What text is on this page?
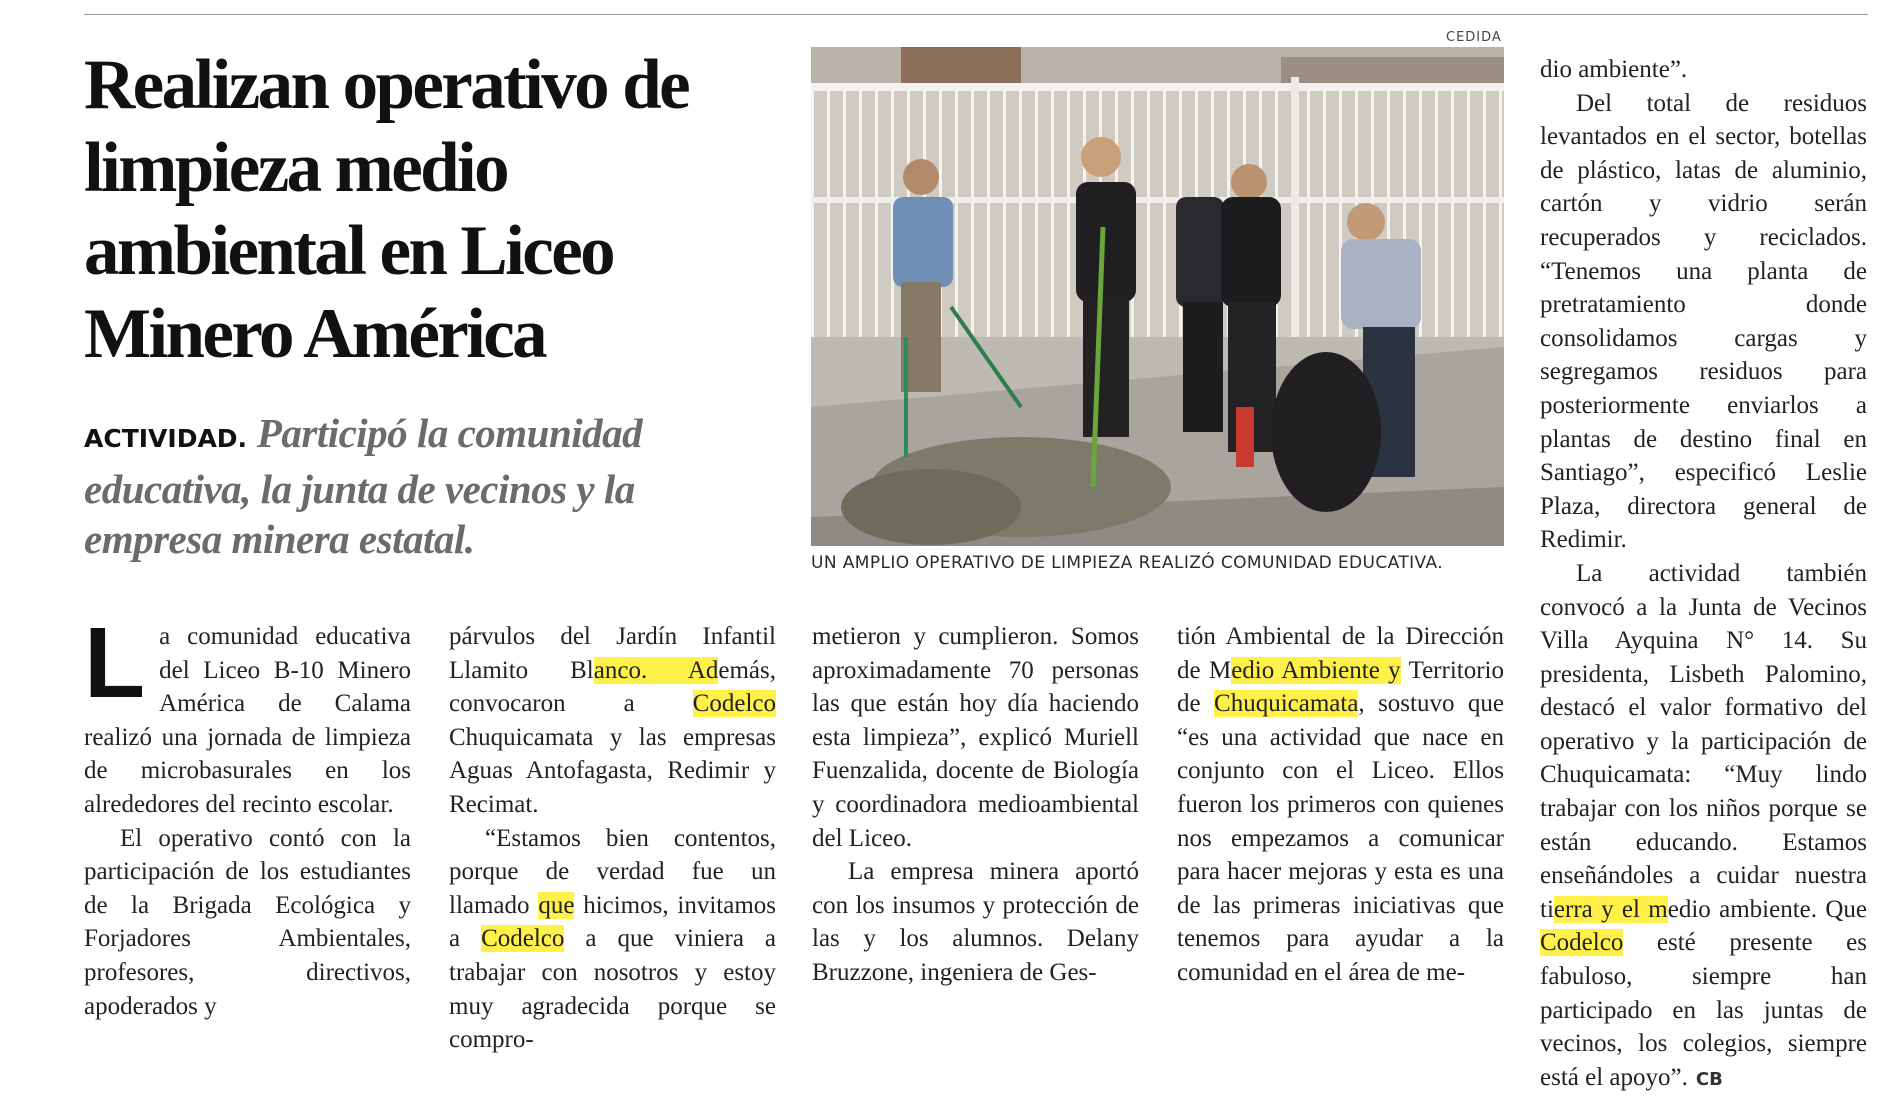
Realizan operativo de limpieza medio ambiental en Liceo Minero América

ACTIVIDAD. Participó la comunidad educativa, la junta de vecinos y la empresa minera estatal.

CEDIDA
UN AMPLIO OPERATIVO DE LIMPIEZA REALIZÓ COMUNIDAD EDUCATIVA.

La comunidad educativa del Liceo B-10 Minero América de Calama realizó una jornada de limpieza de microbasurales en los alrededores del recinto escolar.

El operativo contó con la participación de los estudiantes de la Brigada Ecológica y Forjadores Ambientales, profesores, directivos, apoderados y

párvulos del Jardín Infantil Llamito Blanco. Además, convocaron a Codelco Chuquicamata y las empresas Aguas Antofagasta, Redimir y Recimat.

“Estamos bien contentos, porque de verdad fue un llamado que hicimos, invitamos a Codelco a que viniera a trabajar con nosotros y estoy muy agradecida porque se compro-

metieron y cumplieron. Somos aproximadamente 70 personas las que están hoy día haciendo esta limpieza”, explicó Muriell Fuenzalida, docente de Biología y coordinadora medioambiental del Liceo.

La empresa minera aportó con los insumos y protección de las y los alumnos. Delany Bruzzone, ingeniera de Ges-

tión Ambiental de la Dirección de Medio Ambiente y Territorio de Chuquicamata, sostuvo que “es una actividad que nace en conjunto con el Liceo. Ellos fueron los primeros con quienes nos empezamos a comunicar para hacer mejoras y esta es una de las primeras iniciativas que tenemos para ayudar a la comunidad en el área de me-

dio ambiente”.

Del total de residuos levantados en el sector, botellas de plástico, latas de aluminio, cartón y vidrio serán recuperados y reciclados. “Tenemos una planta de pretratamiento donde consolidamos cargas y segregamos residuos para posteriormente enviarlos a plantas de destino final en Santiago”, especificó Leslie Plaza, directora general de Redimir.

La actividad también convocó a la Junta de Vecinos Villa Ayquina N° 14. Su presidenta, Lisbeth Palomino, destacó el valor formativo del operativo y la participación de Chuquicamata: “Muy lindo trabajar con los niños porque se están educando. Estamos enseñándoles a cuidar nuestra tierra y el medio ambiente. Que Codelco esté presente es fabuloso, siempre han participado en las juntas de vecinos, los colegios, siempre está el apoyo”. CB
